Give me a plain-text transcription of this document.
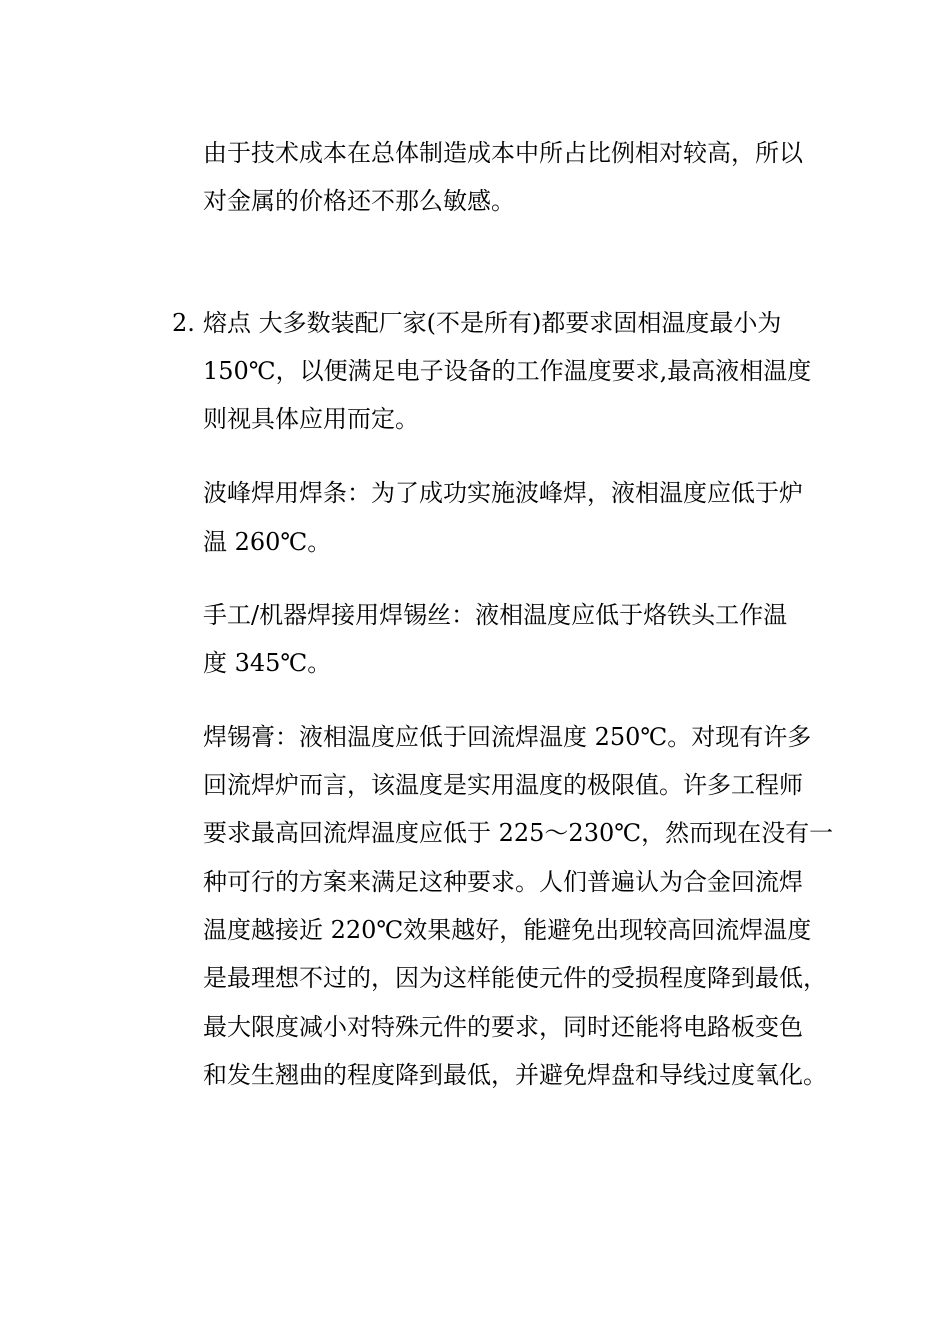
由于技术成本在总体制造成本中所占比例相对较高，所以
对金属的价格还不那么敏感。
2. 熔点 大多数装配厂家(不是所有)都要求固相温度最小为
150℃，以便满足电子设备的工作温度要求,最高液相温度
则视具体应用而定。
波峰焊用焊条：为了成功实施波峰焊，液相温度应低于炉
温 260℃。
手工/机器焊接用焊锡丝：液相温度应低于烙铁头工作温
度 345℃。
焊锡膏：液相温度应低于回流焊温度 250℃。对现有许多
回流焊炉而言，该温度是实用温度的极限值。许多工程师
要求最高回流焊温度应低于 225～230℃，然而现在没有一
种可行的方案来满足这种要求。人们普遍认为合金回流焊
温度越接近 220℃效果越好，能避免出现较高回流焊温度
是最理想不过的，因为这样能使元件的受损程度降到最低，
最大限度减小对特殊元件的要求，同时还能将电路板变色
和发生翘曲的程度降到最低，并避免焊盘和导线过度氧化。
